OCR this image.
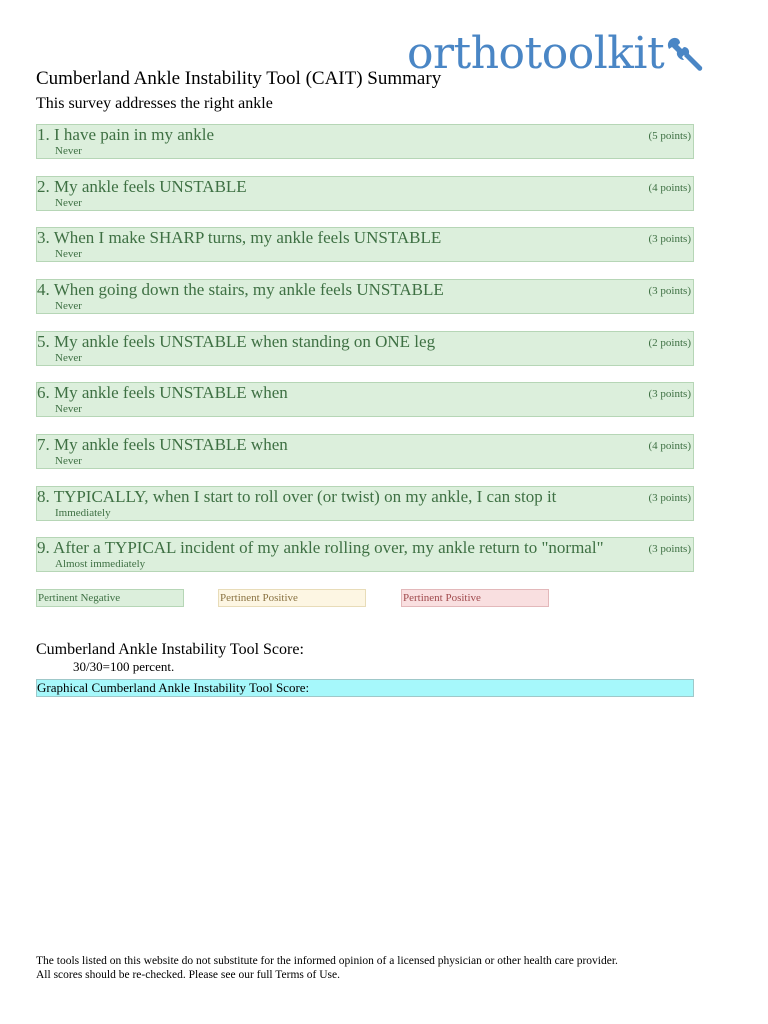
orthotoolkit
Cumberland Ankle Instability Tool (CAIT) Summary
This survey addresses the right ankle
1. I have pain in my ankle	(5 points)
Never
2. My ankle feels UNSTABLE	(4 points)
Never
3. When I make SHARP turns, my ankle feels UNSTABLE	(3 points)
Never
4. When going down the stairs, my ankle feels UNSTABLE	(3 points)
Never
5. My ankle feels UNSTABLE when standing on ONE leg	(2 points)
Never
6. My ankle feels UNSTABLE when	(3 points)
Never
7. My ankle feels UNSTABLE when	(4 points)
Never
8. TYPICALLY, when I start to roll over (or twist) on my ankle, I can stop it	(3 points)
Immediately
9. After a TYPICAL incident of my ankle rolling over, my ankle return to "normal"	(3 points)
Almost immediately
Pertinent Negative	Pertinent Positive	Pertinent Positive
Cumberland Ankle Instability Tool Score:
30/30=100 percent.
Graphical Cumberland Ankle Instability Tool Score:
The tools listed on this website do not substitute for the informed opinion of a licensed physician or other health care provider.
All scores should be re-checked. Please see our full Terms of Use.
